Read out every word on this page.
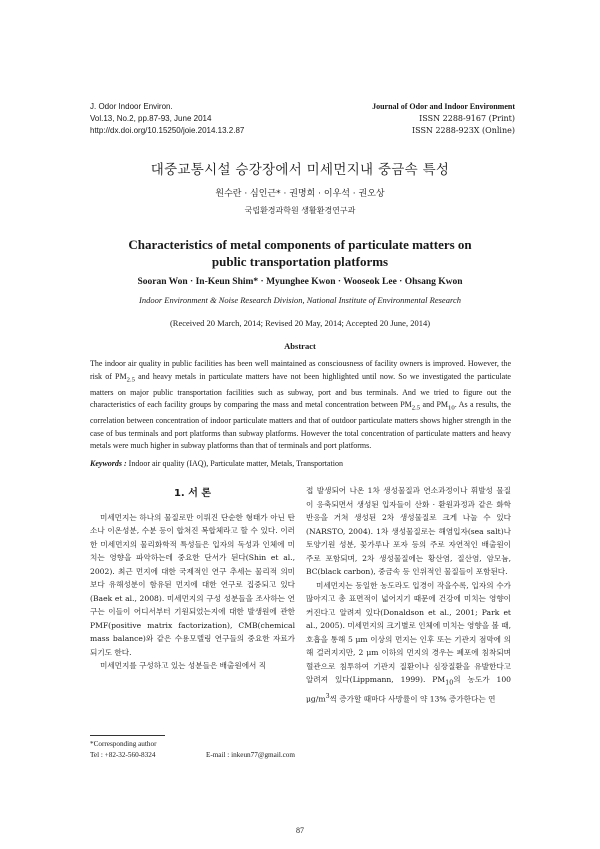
J. Odor Indoor Environ.
Vol.13, No.2, pp.87-93, June 2014
http://dx.doi.org/10.15250/joie.2014.13.2.87
Journal of Odor and Indoor Environment
ISSN 2288-9167 (Print)
ISSN 2288-923X (Online)
대중교통시설 승강장에서 미세먼지내 중금속 특성
원수란 · 심인근* · 권명희 · 이우석 · 권오상
국립환경과학원 생활환경연구과
Characteristics of metal components of particulate matters on
public transportation platforms
Sooran Won · In-Keun Shim* · Myunghee Kwon · Wooseok Lee · Ohsang Kwon
Indoor Environment & Noise Research Division, National Institute of Environmental Research
(Received 20 March, 2014; Revised 20 May, 2014; Accepted 20 June, 2014)
Abstract
The indoor air quality in public facilities has been well maintained as consciousness of facility owners is improved. However, the risk of $PM_{2.5}$ and heavy metals in particulate matters have not been highlighted until now. So we investigated the particulate matters on major public transportation facilities such as subway, port and bus terminals. And we tried to figure out the characteristics of each facility groups by comparing the mass and metal concentration between $PM_{2.5}$ and $PM_{10}$. As a results, the correlation between concentration of indoor particulate matters and that of outdoor particulate matters shows higher strength in the case of bus terminals and port platforms than subway platforms. However the total concentration of particulate matters and heavy metals were much higher in subway platforms than that of terminals and port platforms.
Keywords : Indoor air quality (IAQ), Particulate matter, Metals, Transportation
1. 서 론

미세먼지는 하나의 물질로만 이뤄진 단순한 형태가 아닌 탄소나 이온성분, 수분 등이 합쳐진 복합체라고 할 수 있다. 이러한 미세먼지의 물리화학적 특성들은 입자의 독성과 인체에 미치는 영향을 파악하는데 중요한 단서가 된다(Shin et al., 2002). 최근 먼지에 대한 국제적인 연구 추세는 물리적 의미보다 유해성분이 함유된 먼지에 대한 연구로 집중되고 있다(Baek et al., 2008). 미세먼지의 구성 성분들을 조사하는 연구는 이들이 어디서부터 기원되었는지에 대한 발생원에 관한 PMF(positive matrix factorization), CMB(chemical mass balance)와 같은 수용모델링 연구들의 중요한 자료가 되기도 한다.

미세먼지를 구성하고 있는 성분들은 배출원에서 직

접 발생되어 나온 1차 생성물질과 연소과정이나 휘발성 물질이 응축되면서 생성된 입자들이 산화 · 환원과정과 같은 화학반응을 거쳐 생성된 2차 생성물질로 크게 나눌 수 있다(NARSTO, 2004). 1차 생성물질로는 해염입자(sea salt)나 토양기원 성분, 꽃가루나 포자 등의 주로 자연적인 배출원이 주로 포함되며, 2차 생성물질에는 황산염, 질산염, 암모늄, BC(black carbon), 중금속 등 인위적인 물질들이 포함된다.

미세먼지는 동일한 농도라도 입경이 작을수록, 입자의 수가 많아지고 총 표면적이 넓어지기 때문에 건강에 미치는 영향이 커진다고 알려져 있다(Donaldson et al., 2001; Park et al., 2005). 미세먼지의 크기별로 인체에 미치는 영향을 볼 때, 호흡을 통해 5 μm 이상의 먼지는 인후 또는 기관지 점막에 의해 걸러지지만, 2 μm 이하의 먼지의 경우는 폐포에 침착되며 혈관으로 침투하여 기관지 질환이나 심장질환을 유발한다고 알려져 있다(Lippmann, 1999). $PM_{10}$의 농도가 100 $\mu g/m^3$씩 증가할 때마다 사망률이 약 13% 증가한다는 연

*Corresponding author
Tel : +82-32-560-8324	E-mail : inkeun77@gmail.com
87
